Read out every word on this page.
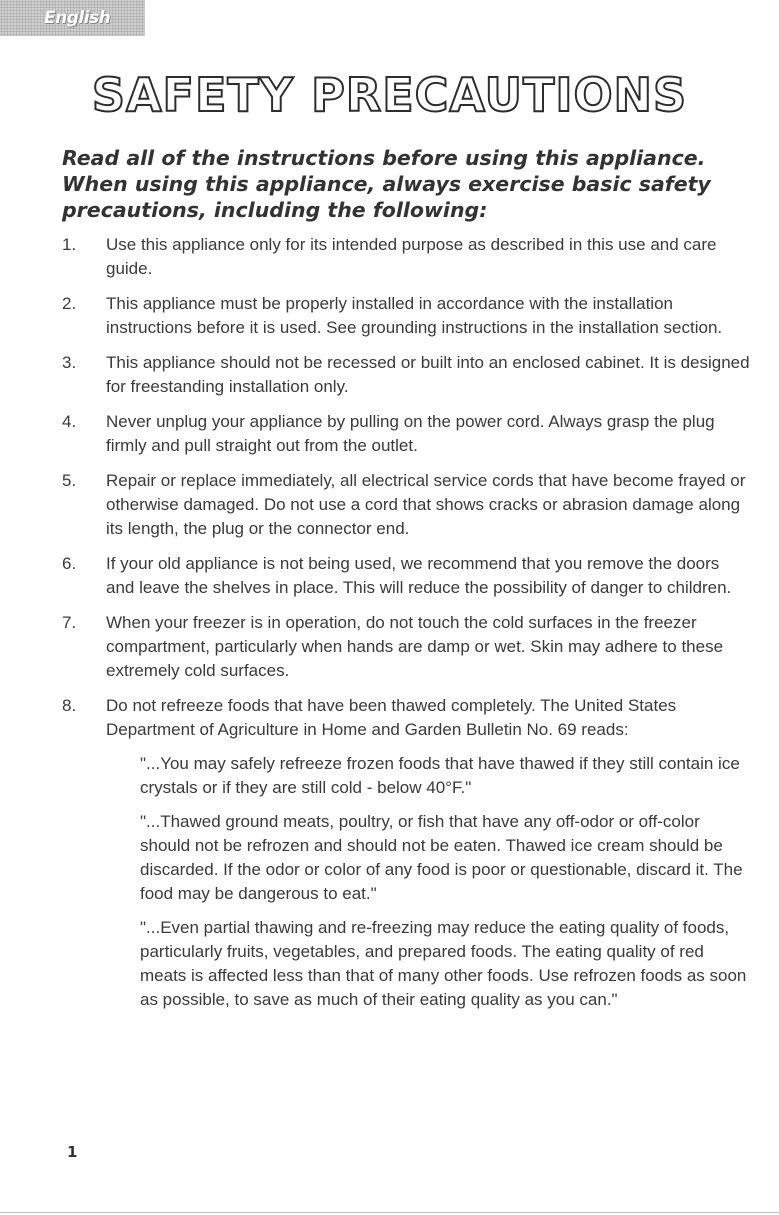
English
SAFETY PRECAUTIONS
Read all of the instructions before using this appliance. When using this appliance, always exercise basic safety precautions, including the following:
1. Use this appliance only for its intended purpose as described in this use and care guide.
2. This appliance must be properly installed in accordance with the installation instructions before it is used. See grounding instructions in the installation section.
3. This appliance should not be recessed or built into an enclosed cabinet. It is designed for freestanding installation only.
4. Never unplug your appliance by pulling on the power cord. Always grasp the plug firmly and pull straight out from the outlet.
5. Repair or replace immediately, all electrical service cords that have become frayed or otherwise damaged. Do not use a cord that shows cracks or abrasion damage along its length, the plug or the connector end.
6. If your old appliance is not being used, we recommend that you remove the doors and leave the shelves in place. This will reduce the possibility of danger to children.
7. When your freezer is in operation, do not touch the cold surfaces in the freezer compartment, particularly when hands are damp or wet. Skin may adhere to these extremely cold surfaces.
8. Do not refreeze foods that have been thawed completely. The United States Department of Agriculture in Home and Garden Bulletin No. 69 reads:
"...You may safely refreeze frozen foods that have thawed if they still contain ice crystals or if they are still cold - below 40°F."
"...Thawed ground meats, poultry, or fish that have any off-odor or off-color should not be refrozen and should not be eaten. Thawed ice cream should be discarded. If the odor or color of any food is poor or questionable, discard it. The food may be dangerous to eat."
"...Even partial thawing and re-freezing may reduce the eating quality of foods, particularly fruits, vegetables, and prepared foods. The eating quality of red meats is affected less than that of many other foods. Use refrozen foods as soon as possible, to save as much of their eating quality as you can."
1
